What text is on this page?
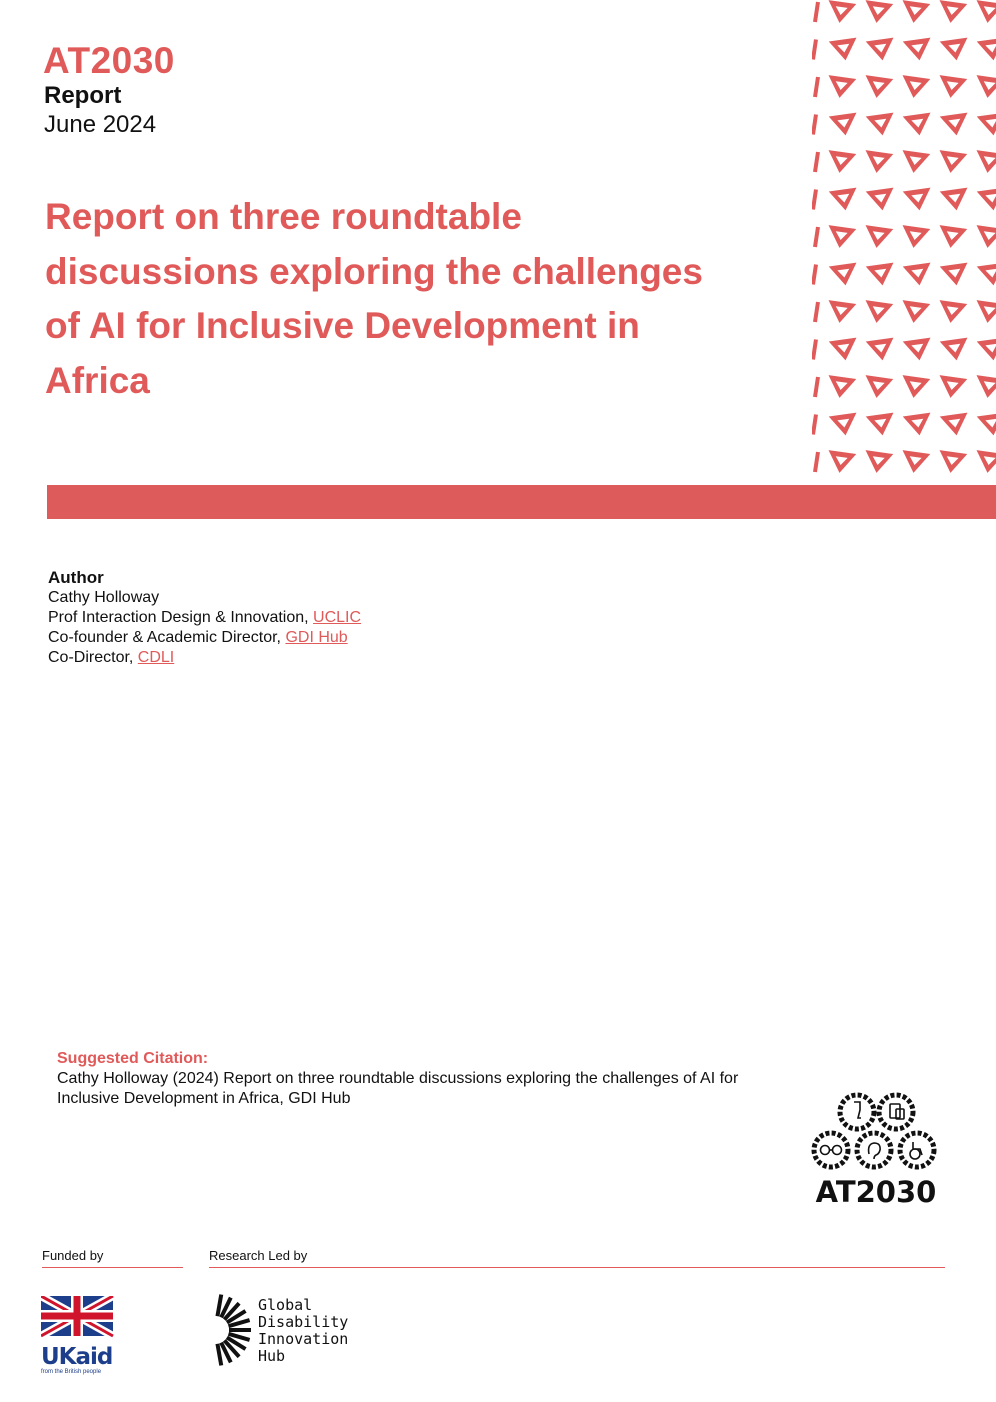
AT2030
Report
June 2024
Report on three roundtable
discussions exploring the challenges
of AI for Inclusive Development in
Africa
Author
Cathy Holloway
Prof Interaction Design & Innovation, UCLIC
Co-founder & Academic Director, GDI Hub
Co-Director, CDLI
Suggested Citation:
Cathy Holloway (2024) Report on three roundtable discussions exploring the challenges of AI for Inclusive Development in Africa, GDI Hub
AT2030
Funded by	Research Led by
UKaid
from the British people
Global
Disability
Innovation
Hub
